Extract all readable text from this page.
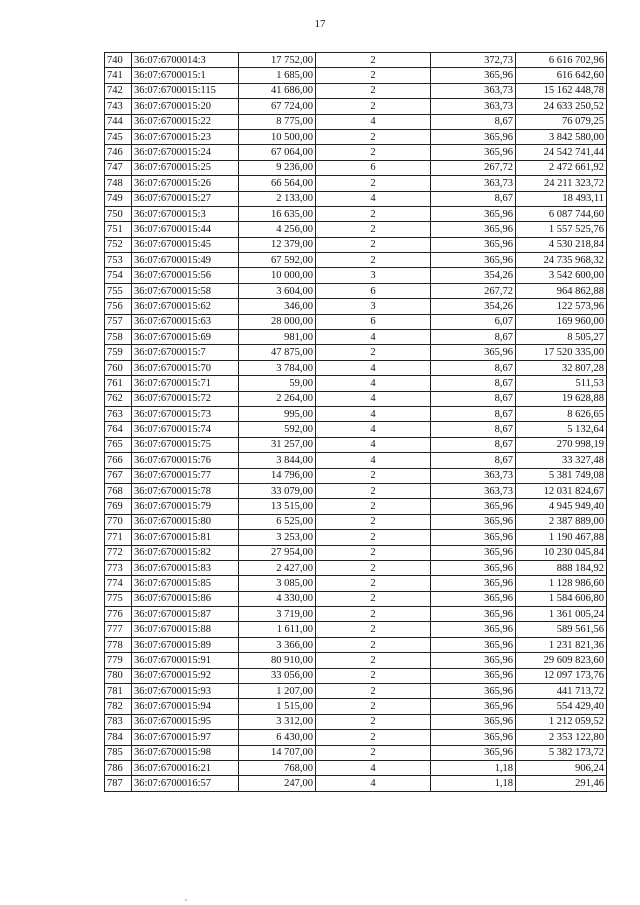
17
740	36:07:6700014:3	17 752,00	2	372,73	6 616 702,96
741	36:07:6700015:1	1 685,00	2	365,96	616 642,60
742	36:07:6700015:115	41 686,00	2	363,73	15 162 448,78
743	36:07:6700015:20	67 724,00	2	363,73	24 633 250,52
744	36:07:6700015:22	8 775,00	4	8,67	76 079,25
745	36:07:6700015:23	10 500,00	2	365,96	3 842 580,00
746	36:07:6700015:24	67 064,00	2	365,96	24 542 741,44
747	36:07:6700015:25	9 236,00	6	267,72	2 472 661,92
748	36:07:6700015:26	66 564,00	2	363,73	24 211 323,72
749	36:07:6700015:27	2 133,00	4	8,67	18 493,11
750	36:07:6700015:3	16 635,00	2	365,96	6 087 744,60
751	36:07:6700015:44	4 256,00	2	365,96	1 557 525,76
752	36:07:6700015:45	12 379,00	2	365,96	4 530 218,84
753	36:07:6700015:49	67 592,00	2	365,96	24 735 968,32
754	36:07:6700015:56	10 000,00	3	354,26	3 542 600,00
755	36:07:6700015:58	3 604,00	6	267,72	964 862,88
756	36:07:6700015:62	346,00	3	354,26	122 573,96
757	36:07:6700015:63	28 000,00	6	6,07	169 960,00
758	36:07:6700015:69	981,00	4	8,67	8 505,27
759	36:07:6700015:7	47 875,00	2	365,96	17 520 335,00
760	36:07:6700015:70	3 784,00	4	8,67	32 807,28
761	36:07:6700015:71	59,00	4	8,67	511,53
762	36:07:6700015:72	2 264,00	4	8,67	19 628,88
763	36:07:6700015:73	995,00	4	8,67	8 626,65
764	36:07:6700015:74	592,00	4	8,67	5 132,64
765	36:07:6700015:75	31 257,00	4	8,67	270 998,19
766	36:07:6700015:76	3 844,00	4	8,67	33 327,48
767	36:07:6700015:77	14 796,00	2	363,73	5 381 749,08
768	36:07:6700015:78	33 079,00	2	363,73	12 031 824,67
769	36:07:6700015:79	13 515,00	2	365,96	4 945 949,40
770	36:07:6700015:80	6 525,00	2	365,96	2 387 889,00
771	36:07:6700015:81	3 253,00	2	365,96	1 190 467,88
772	36:07:6700015:82	27 954,00	2	365,96	10 230 045,84
773	36:07:6700015:83	2 427,00	2	365,96	888 184,92
774	36:07:6700015:85	3 085,00	2	365,96	1 128 986,60
775	36:07:6700015:86	4 330,00	2	365,96	1 584 606,80
776	36:07:6700015:87	3 719,00	2	365,96	1 361 005,24
777	36:07:6700015:88	1 611,00	2	365,96	589 561,56
778	36:07:6700015:89	3 366,00	2	365,96	1 231 821,36
779	36:07:6700015:91	80 910,00	2	365,96	29 609 823,60
780	36:07:6700015:92	33 056,00	2	365,96	12 097 173,76
781	36:07:6700015:93	1 207,00	2	365,96	441 713,72
782	36:07:6700015:94	1 515,00	2	365,96	554 429,40
783	36:07:6700015:95	3 312,00	2	365,96	1 212 059,52
784	36:07:6700015:97	6 430,00	2	365,96	2 353 122,80
785	36:07:6700015:98	14 707,00	2	365,96	5 382 173,72
786	36:07:6700016:21	768,00	4	1,18	906,24
787	36:07:6700016:57	247,00	4	1,18	291,46
,
